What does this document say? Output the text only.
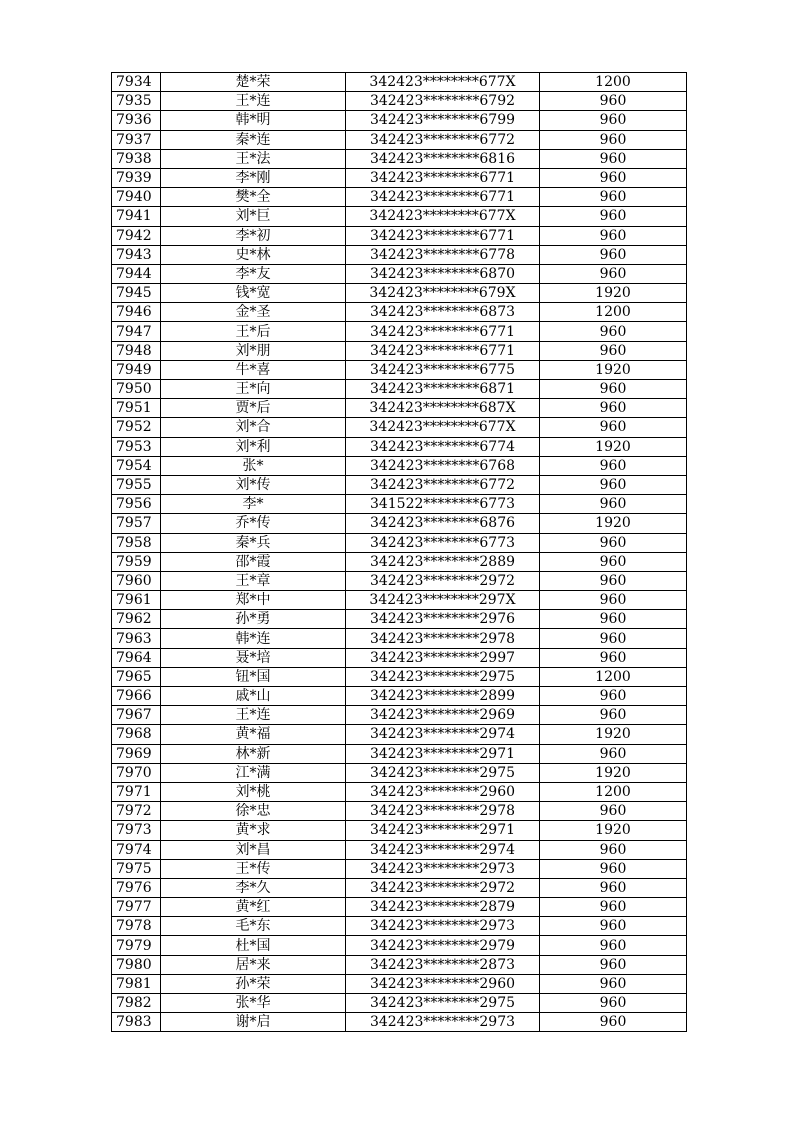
7934	楚*荣	342423********677X	1200
7935	王*连	342423********6792	960
7936	韩*明	342423********6799	960
7937	秦*连	342423********6772	960
7938	王*法	342423********6816	960
7939	李*刚	342423********6771	960
7940	樊*全	342423********6771	960
7941	刘*巨	342423********677X	960
7942	李*初	342423********6771	960
7943	史*林	342423********6778	960
7944	李*友	342423********6870	960
7945	钱*宽	342423********679X	1920
7946	金*圣	342423********6873	1200
7947	王*后	342423********6771	960
7948	刘*朋	342423********6771	960
7949	牛*喜	342423********6775	1920
7950	王*向	342423********6871	960
7951	贾*后	342423********687X	960
7952	刘*合	342423********677X	960
7953	刘*利	342423********6774	1920
7954	张*	342423********6768	960
7955	刘*传	342423********6772	960
7956	李*	341522********6773	960
7957	乔*传	342423********6876	1920
7958	秦*兵	342423********6773	960
7959	邵*霞	342423********2889	960
7960	王*章	342423********2972	960
7961	郑*中	342423********297X	960
7962	孙*勇	342423********2976	960
7963	韩*连	342423********2978	960
7964	聂*培	342423********2997	960
7965	钮*国	342423********2975	1200
7966	戚*山	342423********2899	960
7967	王*连	342423********2969	960
7968	黄*福	342423********2974	1920
7969	林*新	342423********2971	960
7970	江*满	342423********2975	1920
7971	刘*桃	342423********2960	1200
7972	徐*忠	342423********2978	960
7973	黄*求	342423********2971	1920
7974	刘*昌	342423********2974	960
7975	王*传	342423********2973	960
7976	李*久	342423********2972	960
7977	黄*红	342423********2879	960
7978	毛*东	342423********2973	960
7979	杜*国	342423********2979	960
7980	居*来	342423********2873	960
7981	孙*荣	342423********2960	960
7982	张*华	342423********2975	960
7983	谢*启	342423********2973	960
